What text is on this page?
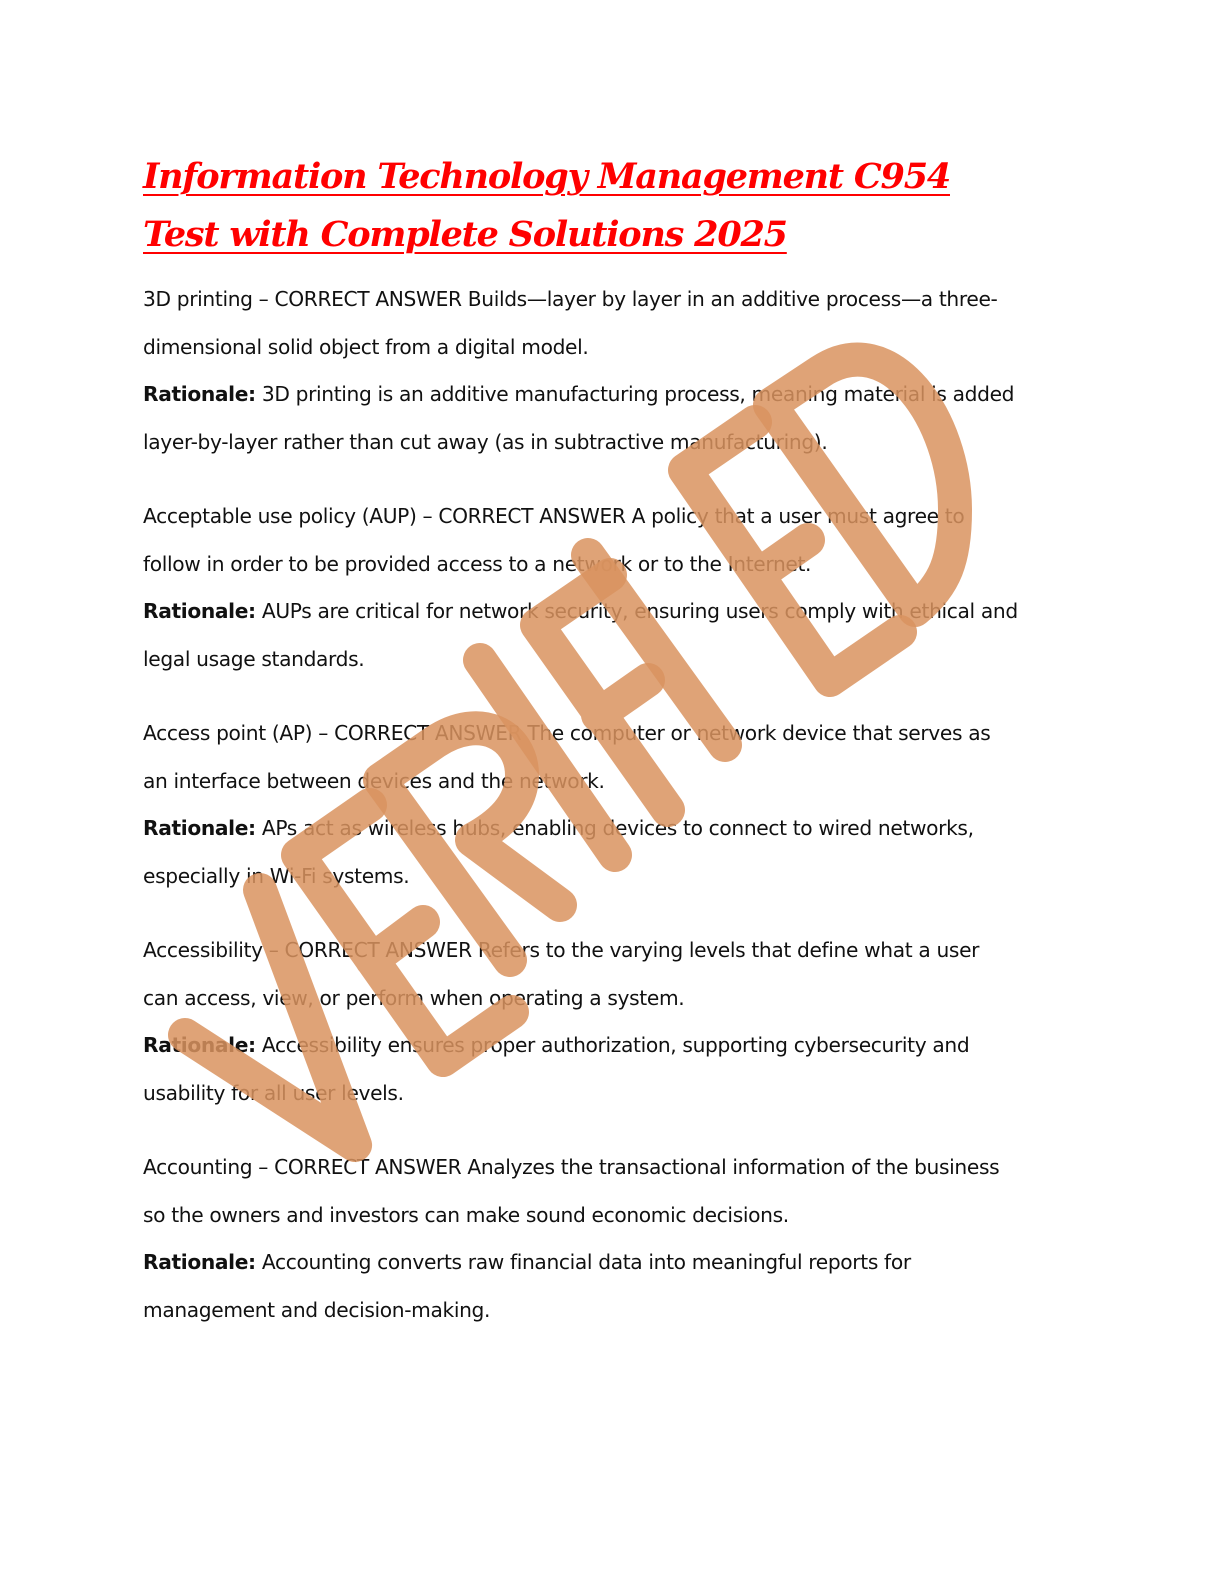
Information Technology Management C954
Test with Complete Solutions 2025
3D printing – CORRECT ANSWER Builds—layer by layer in an additive process—a three-
dimensional solid object from a digital model.
Rationale: 3D printing is an additive manufacturing process, meaning material is added
layer-by-layer rather than cut away (as in subtractive manufacturing).
Acceptable use policy (AUP) – CORRECT ANSWER A policy that a user must agree to
follow in order to be provided access to a network or to the Internet.
Rationale: AUPs are critical for network security, ensuring users comply with ethical and
legal usage standards.
Access point (AP) – CORRECT ANSWER The computer or network device that serves as
an interface between devices and the network.
Rationale: APs act as wireless hubs, enabling devices to connect to wired networks,
especially in Wi-Fi systems.
Accessibility – CORRECT ANSWER Refers to the varying levels that define what a user
can access, view, or perform when operating a system.
Rationale: Accessibility ensures proper authorization, supporting cybersecurity and
usability for all user levels.
Accounting – CORRECT ANSWER Analyzes the transactional information of the business
so the owners and investors can make sound economic decisions.
Rationale: Accounting converts raw financial data into meaningful reports for
management and decision-making.
